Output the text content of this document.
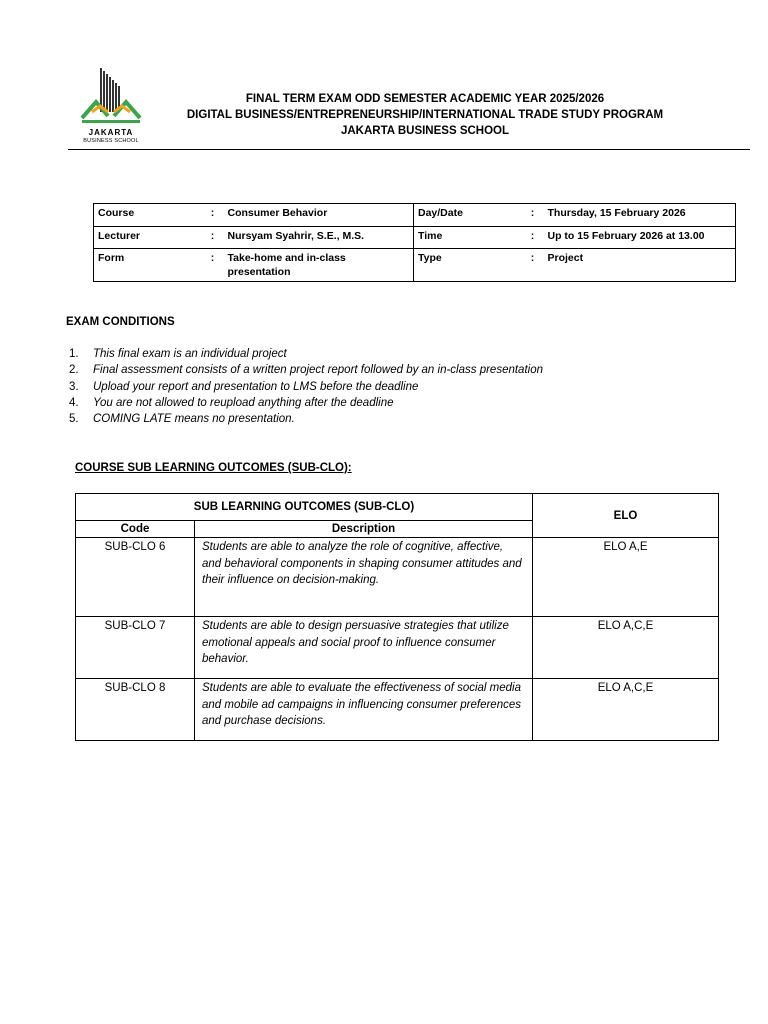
JAKARTA
BUSINESS SCHOOL
FINAL TERM EXAM ODD SEMESTER ACADEMIC YEAR 2025/2026
DIGITAL BUSINESS/ENTREPRENEURSHIP/INTERNATIONAL TRADE STUDY PROGRAM
JAKARTA BUSINESS SCHOOL
Course	:	Consumer Behavior	Day/Date	:	Thursday, 15 February 2026
Lecturer	:	Nursyam Syahrir, S.E., M.S.	Time	:	Up to 15 February 2026 at 13.00
Form	:	Take-home and in-class presentation	Type	:	Project
EXAM CONDITIONS
1. This final exam is an individual project
2. Final assessment consists of a written project report followed by an in-class presentation
3. Upload your report and presentation to LMS before the deadline
4. You are not allowed to reupload anything after the deadline
5. COMING LATE means no presentation.
COURSE SUB LEARNING OUTCOMES (SUB-CLO):
SUB LEARNING OUTCOMES (SUB-CLO)		ELO
Code	Description	
SUB-CLO 6	Students are able to analyze the role of cognitive, affective, and behavioral components in shaping consumer attitudes and their influence on decision-making.	ELO A,E
SUB-CLO 7	Students are able to design persuasive strategies that utilize emotional appeals and social proof to influence consumer behavior.	ELO A,C,E
SUB-CLO 8	Students are able to evaluate the effectiveness of social media and mobile ad campaigns in influencing consumer preferences and purchase decisions.	ELO A,C,E
